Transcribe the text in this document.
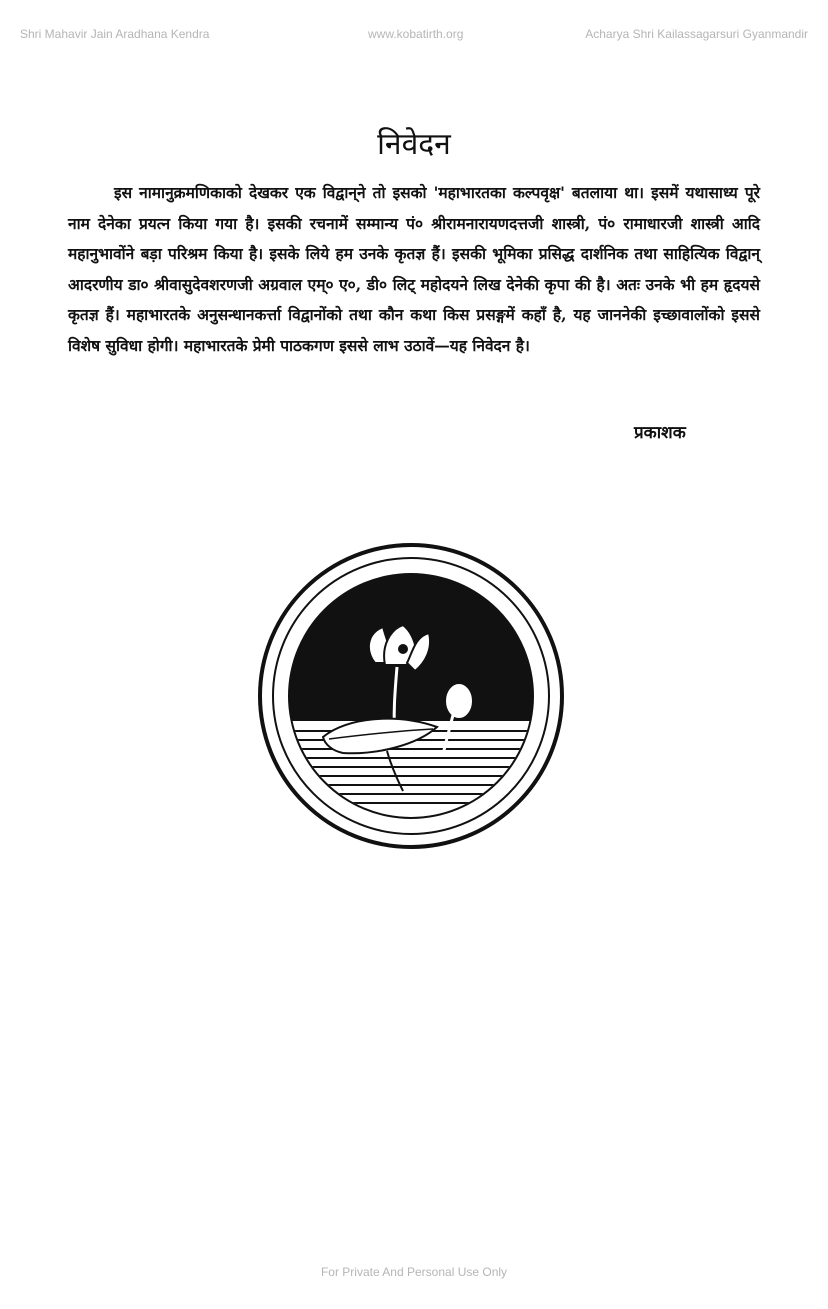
Shri Mahavir Jain Aradhana Kendra	www.kobatirth.org	Acharya Shri Kailassagarsuri Gyanmandir
निवेदन

इस नामानुक्रमणिकाको देखकर एक विद्वान्‌ने तो इसको 'महाभारतका कल्पवृक्ष' बतलाया था। इसमें यथासाध्य पूरे नाम देनेका प्रयत्न किया गया है। इसकी रचनामें सम्मान्य पं० श्रीरामनारायणदत्तजी शास्त्री, पं० रामाधारजी शास्त्री आदि महानुभावोंने बड़ा परिश्रम किया है। इसके लिये हम उनके कृतज्ञ हैं। इसकी भूमिका प्रसिद्ध दार्शनिक तथा साहित्यिक विद्वान्‌ आदरणीय डा० श्रीवासुदेवशरणजी अग्रवाल एम्० ए०, डी० लिट्‌ महोदयने लिख देनेकी कृपा की है। अतः उनके भी हम हृदयसे कृतज्ञ हैं। महाभारतके अनुसन्धानकर्त्ता विद्वानोंको तथा कौन कथा किस प्रसङ्गमें कहाँ है, यह जाननेकी इच्छावालोंको इससे विशेष सुविधा होगी। महाभारतके प्रेमी पाठकगण इससे लाभ उठावें—यह निवेदन है।

प्रकाशक
For Private And Personal Use Only
